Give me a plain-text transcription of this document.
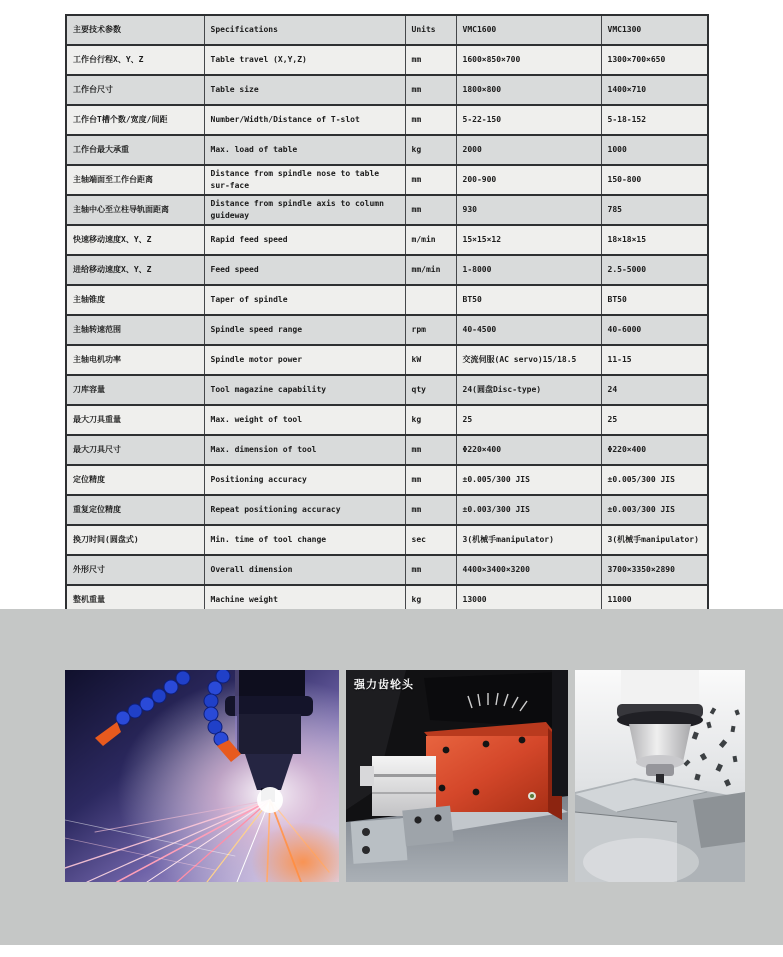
主要技术参数	Specifications	Units	VMC1600	VMC1300
工作台行程X、Y、Z	Table travel (X,Y,Z)	mm	1600×850×700	1300×700×650
工作台尺寸	Table size	mm	1800×800	1400×710
工作台T槽个数/宽度/间距	Number/Width/Distance of T-slot	mm	5-22-150	5-18-152
工作台最大承重	Max. load of table	kg	2000	1000
主轴端面至工作台距离	Distance from spindle nose to table sur-face	mm	200-900	150-800
主轴中心至立柱导轨面距离	Distance from spindle axis to column guideway	mm	930	785
快速移动速度X、Y、Z	Rapid feed speed	m/min	15×15×12	18×18×15
进给移动速度X、Y、Z	Feed speed	mm/min	1-8000	2.5-5000
主轴锥度	Taper of spindle		BT50	BT50
主轴转速范围	Spindle speed range	rpm	40-4500	40-6000
主轴电机功率	Spindle motor power	kW	交流伺服(AC servo)15/18.5	11-15
刀库容量	Tool magazine capability	qty	24(圆盘Disc-type)	24
最大刀具重量	Max. weight of tool	kg	25	25
最大刀具尺寸	Max. dimension of tool	mm	Φ220×400	Φ220×400
定位精度	Positioning accuracy	mm	±0.005/300 JIS	±0.005/300 JIS
重复定位精度	Repeat positioning accuracy	mm	±0.003/300 JIS	±0.003/300 JIS
换刀时间(圆盘式)	Min. time of tool change	sec	3(机械手manipulator)	3(机械手manipulator)
外形尺寸	Overall dimension	mm	4400×3400×3200	3700×3350×2890
整机重量	Machine weight	kg	13000	11000
强力齿轮头
